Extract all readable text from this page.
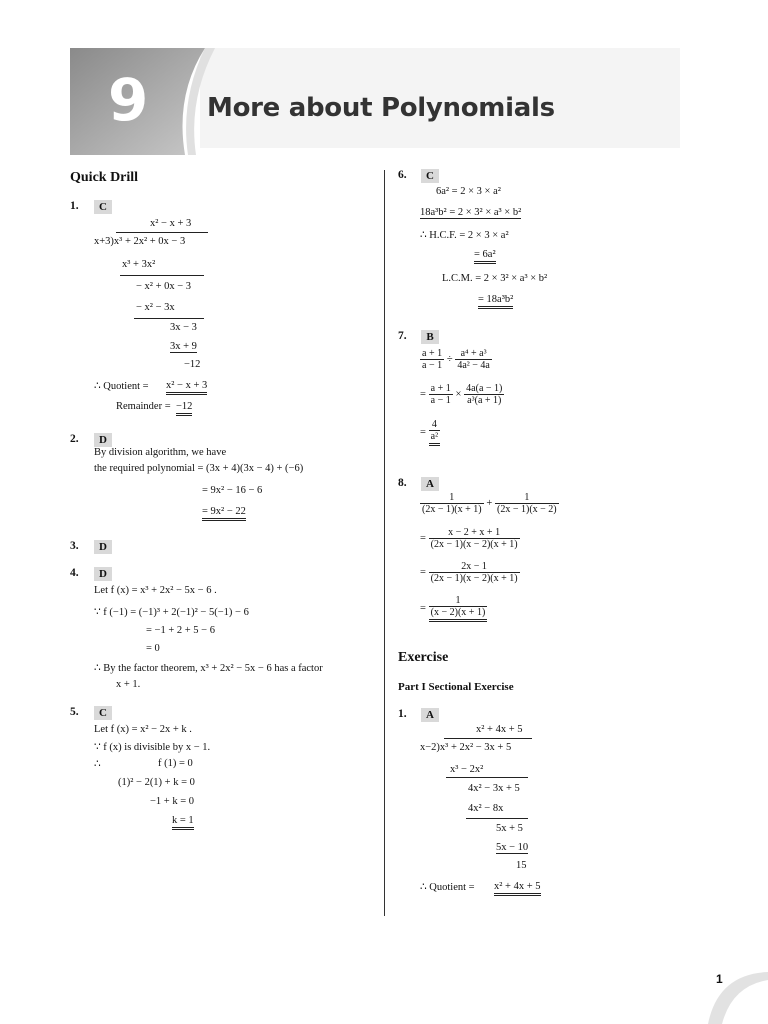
9 More about Polynomials
Quick Drill
1.	C
x² − x + 3
x+3)x³ + 2x² + 0x − 3
x³ + 3x²
− x² + 0x − 3
− x² − 3x
3x − 3
3x + 9
−12
∴ Quotient = x² − x + 3
Remainder = −12
2.	D
By division algorithm, we have
the required polynomial = (3x + 4)(3x − 4) + (−6)
= 9x² − 16 − 6
= 9x² − 22
3.	D
4.	D
Let f (x) = x³ + 2x² − 5x − 6 .
∵ f (−1) = (−1)³ + 2(−1)² − 5(−1) − 6
= −1 + 2 + 5 − 6
= 0
∴ By the factor theorem, x³ + 2x² − 5x − 6 has a factor
x + 1.
5.	C
Let f (x) = x² − 2x + k .
∵ f (x) is divisible by x − 1.
∴	f (1) = 0
(1)² − 2(1) + k = 0
−1 + k = 0
k = 1
6.	C
6a² = 2 × 3 × a²
18a³b² = 2 × 3² × a³ × b²
∴ H.C.F. = 2 × 3 × a²
= 6a²
L.C.M. = 2 × 3² × a³ × b²
= 18a³b²
7.	B
$\frac{a + 1}{a - 1} \div \frac{\text{a⁴ + a³}}{\text{4a² − 4a}}$
= $\frac{a + 1}{a - 1} \times \frac{4a(a - 1)}{\text{a³(a + 1)}}$
= $\frac{4}{\text{a²}}$
8.	A
$\frac{1}{(2x - 1)(x + 1)} + \frac{1}{(2x - 1)(x - 2)}$
= $\frac{x - 2 + x + 1}{(2x - 1)(x - 2)(x + 1)}$
= $\frac{2x - 1}{(2x - 1)(x - 2)(x + 1)}$
= $\frac{1}{(x - 2)(x + 1)}$
Exercise
Part I Sectional Exercise
1.	A
x² + 4x + 5
x−2)x³ + 2x² − 3x + 5
x³ − 2x²
4x² − 3x + 5
4x² − 8x
5x + 5
5x − 10
15
∴ Quotient = x² + 4x + 5
1
